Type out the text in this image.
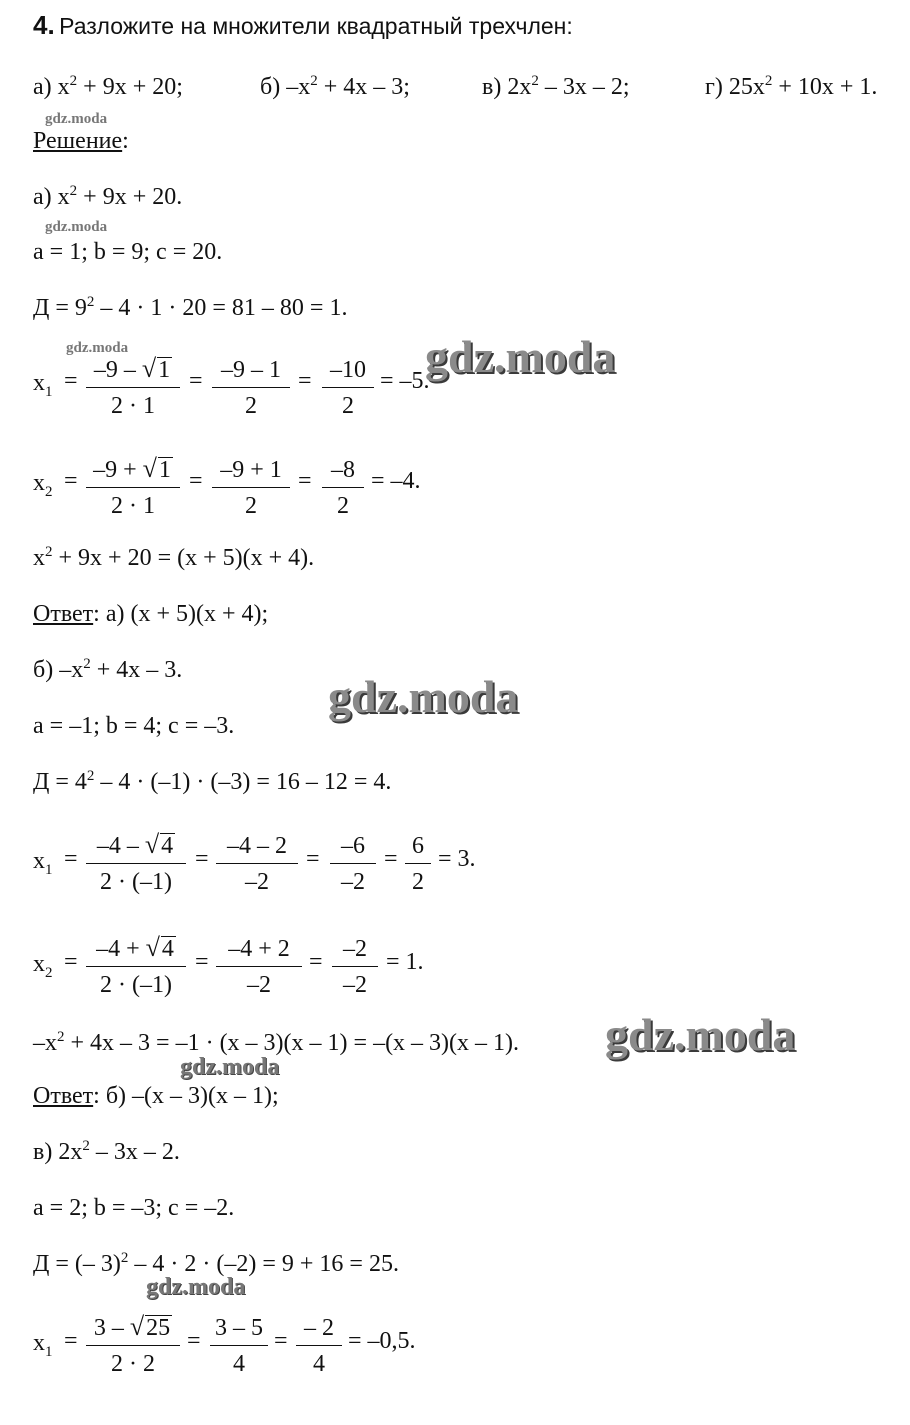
4. Разложите на множители квадратный трехчлен:
а) $x^2 + 9x + 20$;	б) $-x^2 + 4x - 3$;	в) $2x^2 - 3x - 2$;	г) $25x^2 + 10x + 1$.
gdz.moda
Решение:
а) $x^2 + 9x + 20$.
gdz.moda
a = 1; b = 9; c = 20.
$Д = 9^2 - 4 \cdot 1 \cdot 20 = 81 - 80 = 1$.
gdz.moda	gdz.moda
$x_1 = \frac{-9 - √1}{2 \cdot 1} = \frac{-9 - 1}{2} = \frac{-10}{2} = -5$.
$x_2 = \frac{-9 + √1}{2 \cdot 1} = \frac{-9 + 1}{2} = \frac{-8}{2} = -4$.
$x^2 + 9x + 20 = (x + 5)(x + 4)$.
Ответ: а) (x + 5)(x + 4);
б) $-x^2 + 4x - 3$.
gdz.moda
a = –1; b = 4; c = –3.
$Д = 4^2 - 4 \cdot (-1) \cdot (-3) = 16 - 12 = 4$.
$x_1 = \frac{-4 - √4}{2 \cdot (-1)} = \frac{-4 - 2}{-2} = \frac{-6}{-2} = \frac{6}{2} = 3$.
$x_2 = \frac{-4 + √4}{2 \cdot (-1)} = \frac{-4 + 2}{-2} = \frac{-2}{-2} = 1$.
$-x^2 + 4x - 3 = -1 \cdot (x - 3)(x - 1) = -(x - 3)(x - 1)$. gdz.moda
gdz.moda
Ответ: б) –(x – 3)(x – 1);
в) $2x^2 - 3x - 2$.
a = 2; b = –3; c = –2.
Д = (– 3)$^2$ – 4 · 2 · (–2) = 9 + 16 = 25.
gdz.moda
$x_1 = \frac{3 - √25}{2 \cdot 2} = \frac{3 - 5}{4} = \frac{- 2}{4} = -0,5$.
